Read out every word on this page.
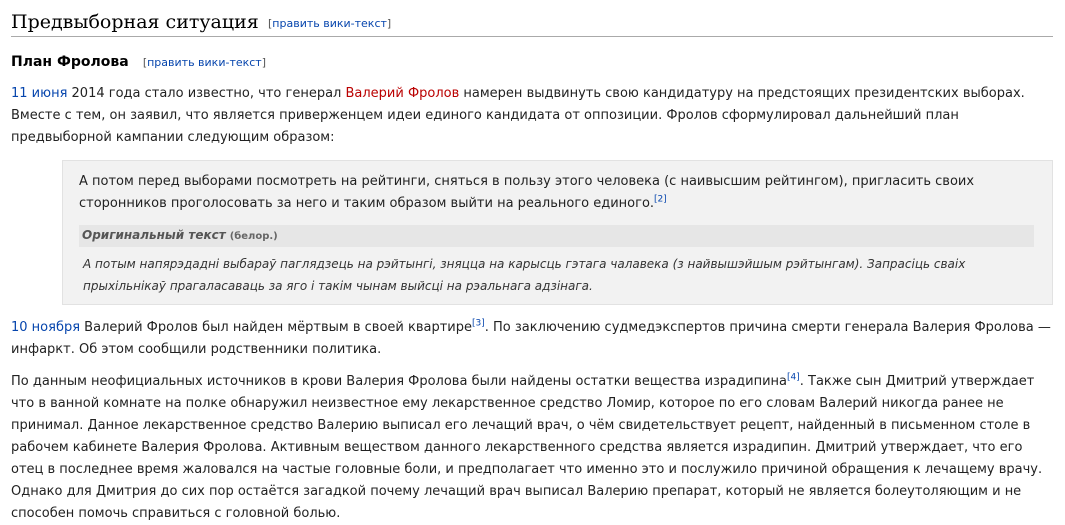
Предвыборная ситуация [править вики-текст]
План Фролова [править вики-текст]

11 июня 2014 года стало известно, что генерал Валерий Фролов намерен выдвинуть свою кандидатуру на предстоящих президентских выборах. Вместе с тем, он заявил, что является приверженцем идеи единого кандидата от оппозиции. Фролов сформулировал дальнейший план предвыборной кампании следующим образом:

А потом перед выборами посмотреть на рейтинги, сняться в пользу этого человека (с наивысшим рейтингом), пригласить своих сторонников проголосовать за него и таким образом выйти на реального единого.[2]
Оригинальный текст (белор.)
А потым напярэдадні выбараў паглядзець на рэйтынгі, зняцца на карысць гэтага чалавека (з найвышэйшым рэйтынгам). Запрасіць сваіх прыхільнікаў прагаласаваць за яго і такім чынам выйсці на рэальнага адзінага.

10 ноября Валерий Фролов был найден мёртвым в своей квартире[3]. По заключению судмедэкспертов причина смерти генерала Валерия Фролова — инфаркт. Об этом сообщили родственники политика.

По данным неофициальных источников в крови Валерия Фролова были найдены остатки вещества израдипина[4]. Также сын Дмитрий утверждает что в ванной комнате на полке обнаружил неизвестное ему лекарственное средство Ломир, которое по его словам Валерий никогда ранее не принимал. Данное лекарственное средство Валерию выписал его лечащий врач, о чём свидетельствует рецепт, найденный в письменном столе в рабочем кабинете Валерия Фролова. Активным веществом данного лекарственного средства является израдипин. Дмитрий утверждает, что его отец в последнее время жаловался на частые головные боли, и предполагает что именно это и послужило причиной обращения к лечащему врачу. Однако для Дмитрия до сих пор остаётся загадкой почему лечащий врач выписал Валерию препарат, который не является болеутоляющим и не способен помочь справиться с головной болью.
